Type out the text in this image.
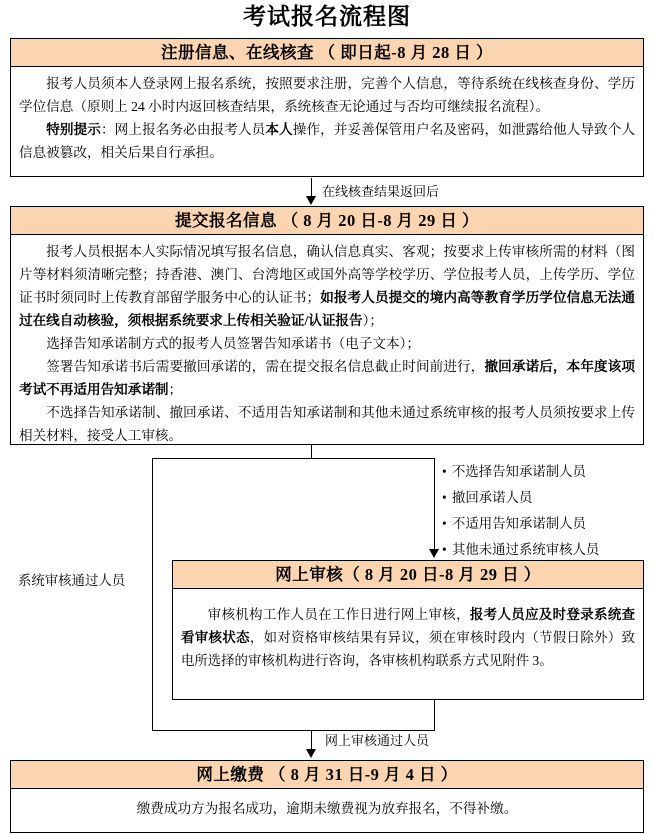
考试报名流程图
注册信息、在线核查 （ 即日起-8 月 28 日 ）

报考人员须本人登录网上报名系统，按照要求注册，完善个人信息，等待系统在线核查身份、学历学位信息（原则上 24 小时内返回核查结果，系统核查无论通过与否均可继续报名流程）。

特别提示：网上报名务必由报考人员本人操作，并妥善保管用户名及密码，如泄露给他人导致个人信息被篡改，相关后果自行承担。

在线核查结果返回后
提交报名信息 （ 8 月 20 日-8 月 29 日 ）

报考人员根据本人实际情况填写报名信息，确认信息真实、客观；按要求上传审核所需的材料（图片等材料须清晰完整；持香港、澳门、台湾地区或国外高等学校学历、学位报考人员，上传学历、学位证书时须同时上传教育部留学服务中心的认证书；如报考人员提交的境内高等教育学历学位信息无法通过在线自动核验，须根据系统要求上传相关验证/认证报告）；

选择告知承诺制方式的报考人员签署告知承诺书（电子文本）；

签署告知承诺书后需要撤回承诺的，需在提交报名信息截止时间前进行，撤回承诺后，本年度该项考试不再适用告知承诺制；

不选择告知承诺制、撤回承诺、不适用告知承诺制和其他未通过系统审核的报考人员须按要求上传相关材料，接受人工审核。

系统审核通过人员
• 不选择告知承诺制人员
• 撤回承诺人员
• 不适用告知承诺制人员
• 其他未通过系统审核人员
网上审核（ 8 月 20 日-8 月 29 日 ）

审核机构工作人员在工作日进行网上审核，报考人员应及时登录系统查看审核状态，如对资格审核结果有异议，须在审核时段内（节假日除外）致电所选择的审核机构进行咨询，各审核机构联系方式见附件 3。

网上审核通过人员
网上缴费 （ 8 月 31 日-9 月 4 日 ）

缴费成功方为报名成功，逾期未缴费视为放弃报名，不得补缴。
